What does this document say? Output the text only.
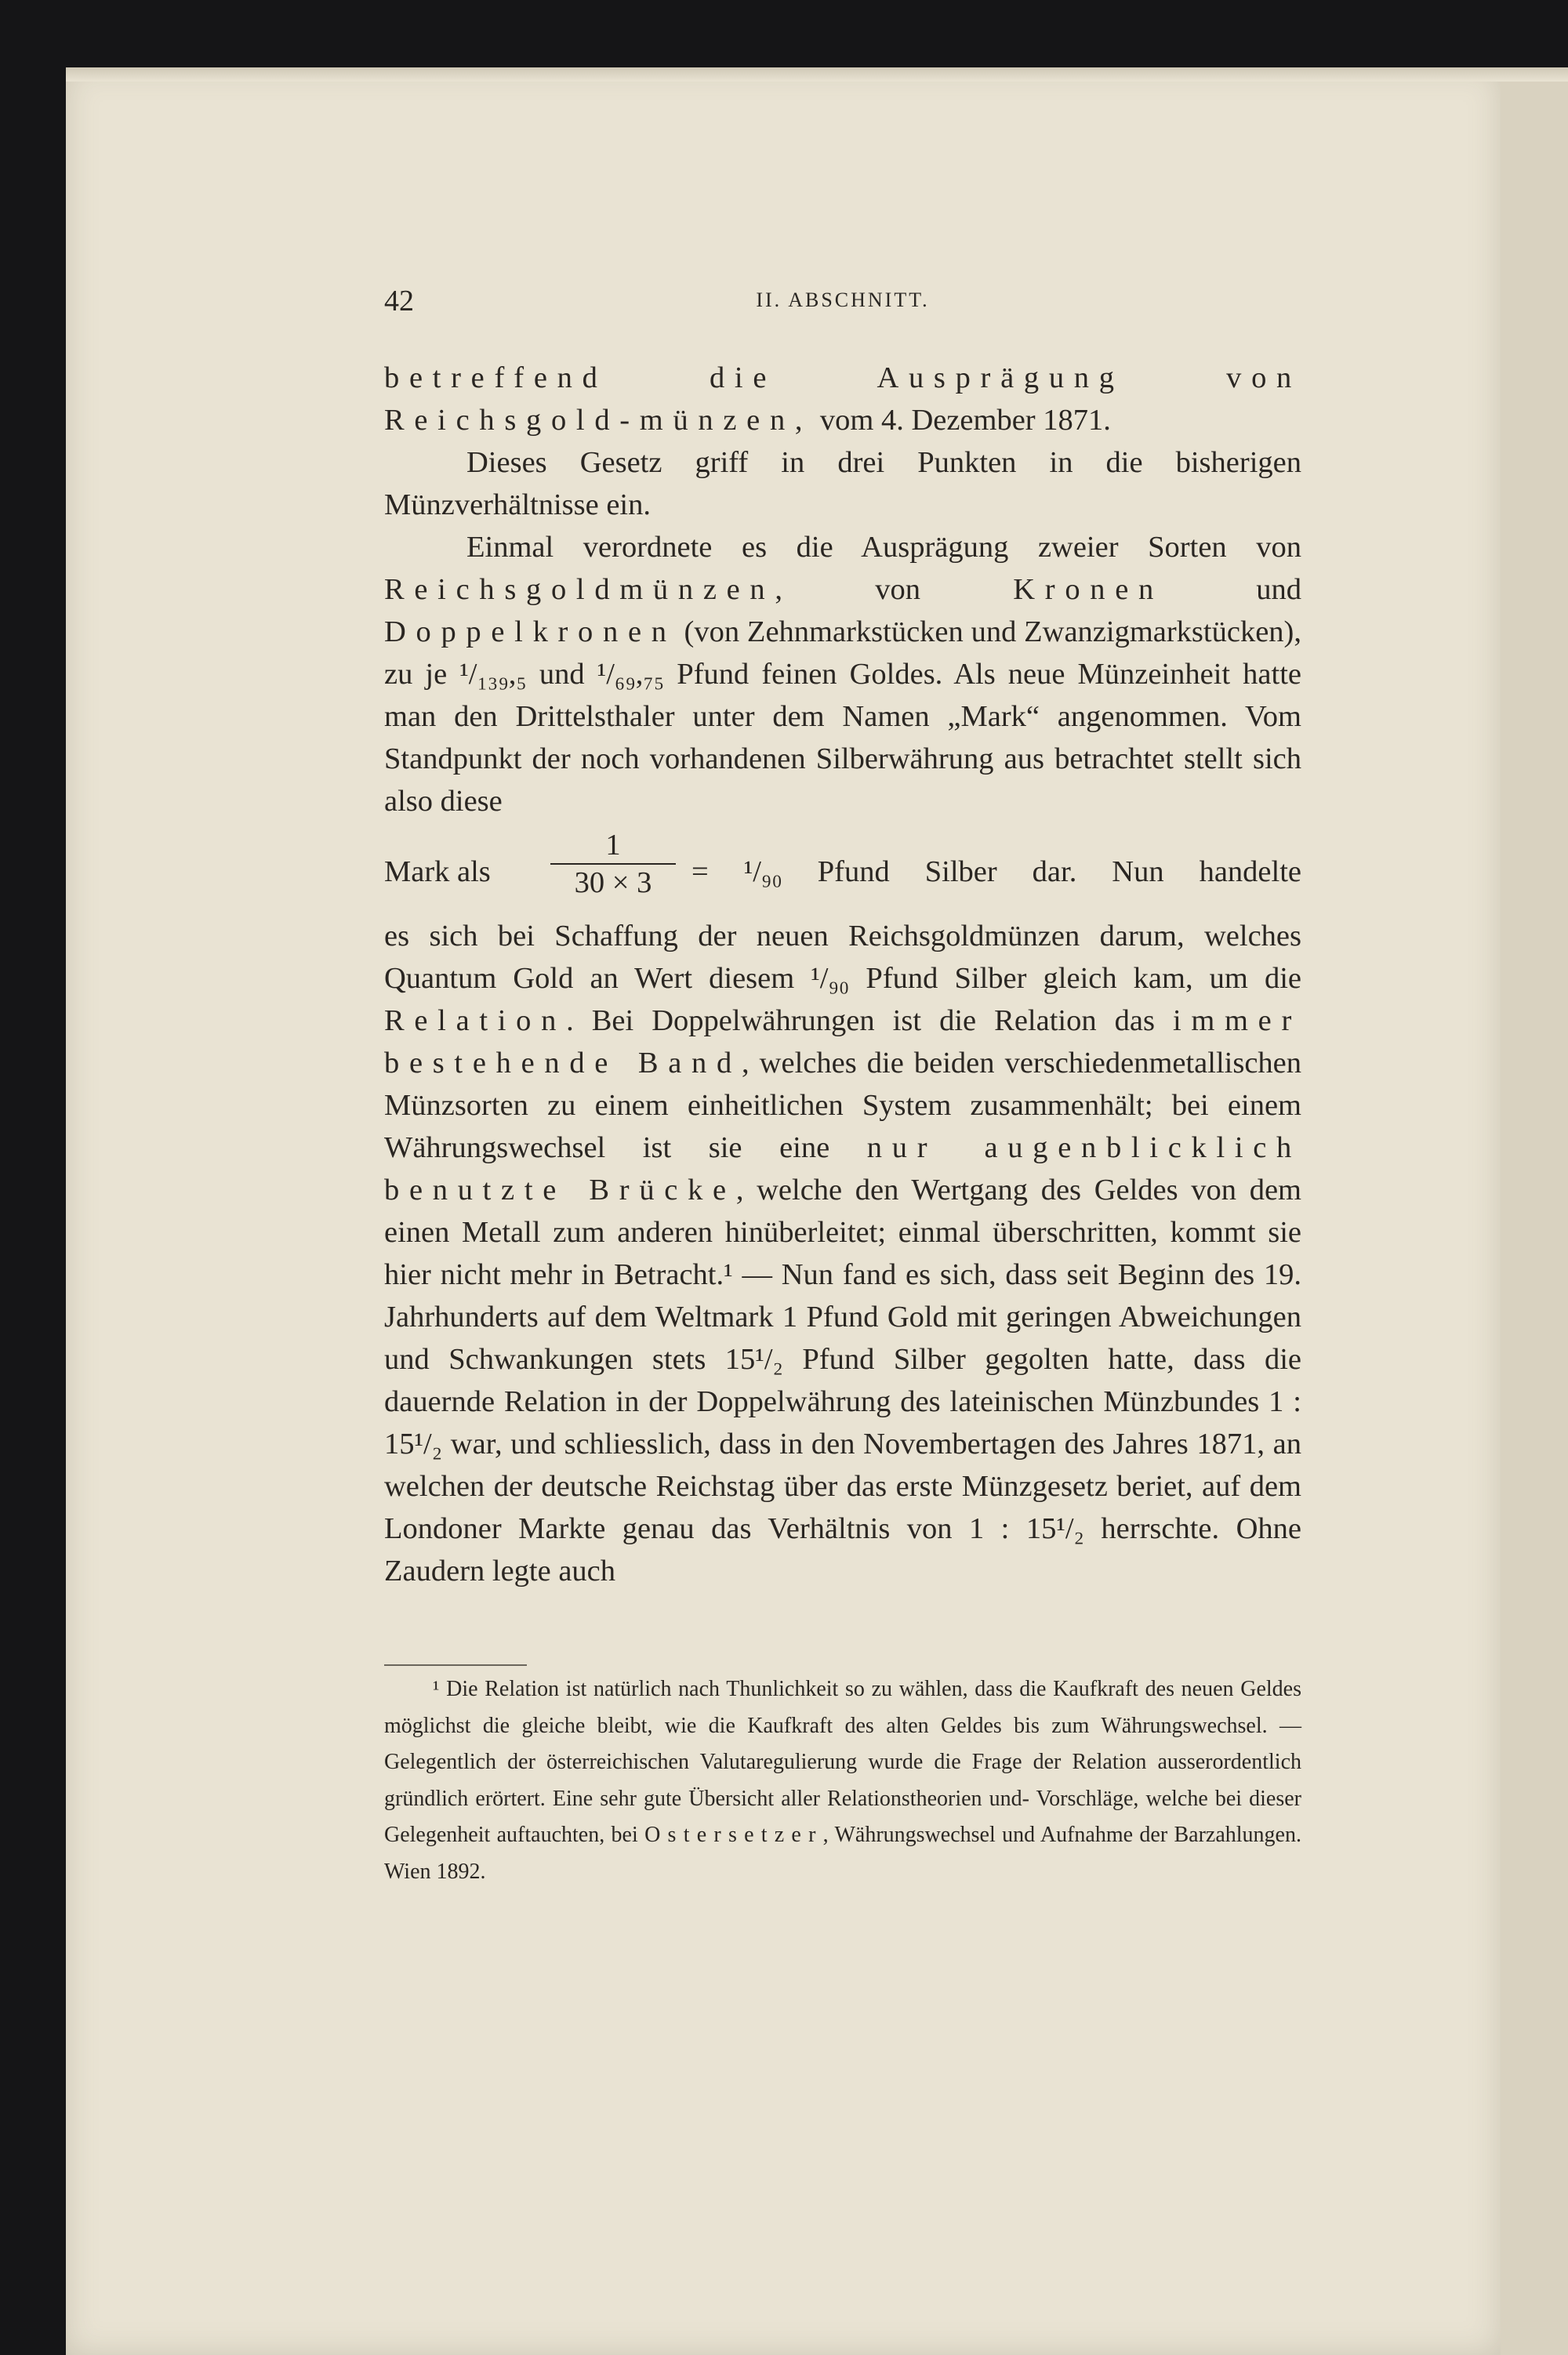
42	II. ABSCHNITT.

betreffend die Ausprägung von Reichsgold-münzen, vom 4. Dezember 1871.

Dieses Gesetz griff in drei Punkten in die bisherigen Münzverhältnisse ein.

Einmal verordnete es die Ausprägung zweier Sorten von Reichsgoldmünzen, von Kronen und Doppelkronen (von Zehnmarkstücken und Zwanzigmarkstücken), zu je ¹/₁₃₉,₅ und ¹/₆₉,₇₅ Pfund feinen Goldes. Als neue Münzeinheit hatte man den Drittelsthaler unter dem Namen „Mark“ angenommen. Vom Standpunkt der noch vorhandenen Silberwährung aus betrachtet stellt sich also diese

Mark als $\frac{1}{30 \times 3} = ^1/_{90}$ Pfund Silber dar. Nun handelte

es sich bei Schaffung der neuen Reichsgoldmünzen darum, welches Quantum Gold an Wert diesem ¹/₉₀ Pfund Silber gleich kam, um die Relation. Bei Doppelwährungen ist die Relation das immer bestehende Band, welches die beiden verschiedenmetallischen Münzsorten zu einem einheitlichen System zusammenhält; bei einem Währungswechsel ist sie eine nur augenblicklich benutzte Brücke, welche den Wertgang des Geldes von dem einen Metall zum anderen hinüberleitet; einmal überschritten, kommt sie hier nicht mehr in Betracht.¹ — Nun fand es sich, dass seit Beginn des 19. Jahrhunderts auf dem Weltmark 1 Pfund Gold mit geringen Abweichungen und Schwankungen stets 15¹/₂ Pfund Silber gegolten hatte, dass die dauernde Relation in der Doppelwährung des lateinischen Münzbundes 1 : 15¹/₂ war, und schliesslich, dass in den Novembertagen des Jahres 1871, an welchen der deutsche Reichstag über das erste Münzgesetz beriet, auf dem Londoner Markte genau das Verhältnis von 1 : 15¹/₂ herrschte. Ohne Zaudern legte auch

¹ Die Relation ist natürlich nach Thunlichkeit so zu wählen, dass die Kaufkraft des neuen Geldes möglichst die gleiche bleibt, wie die Kaufkraft des alten Geldes bis zum Währungswechsel. — Gelegentlich der österreichischen Valutaregulierung wurde die Frage der Relation ausserordentlich gründlich erörtert. Eine sehr gute Übersicht aller Relationstheorien und- Vorschläge, welche bei dieser Gelegenheit auftauchten, bei Ostersetzer, Währungswechsel und Aufnahme der Barzahlungen. Wien 1892.
